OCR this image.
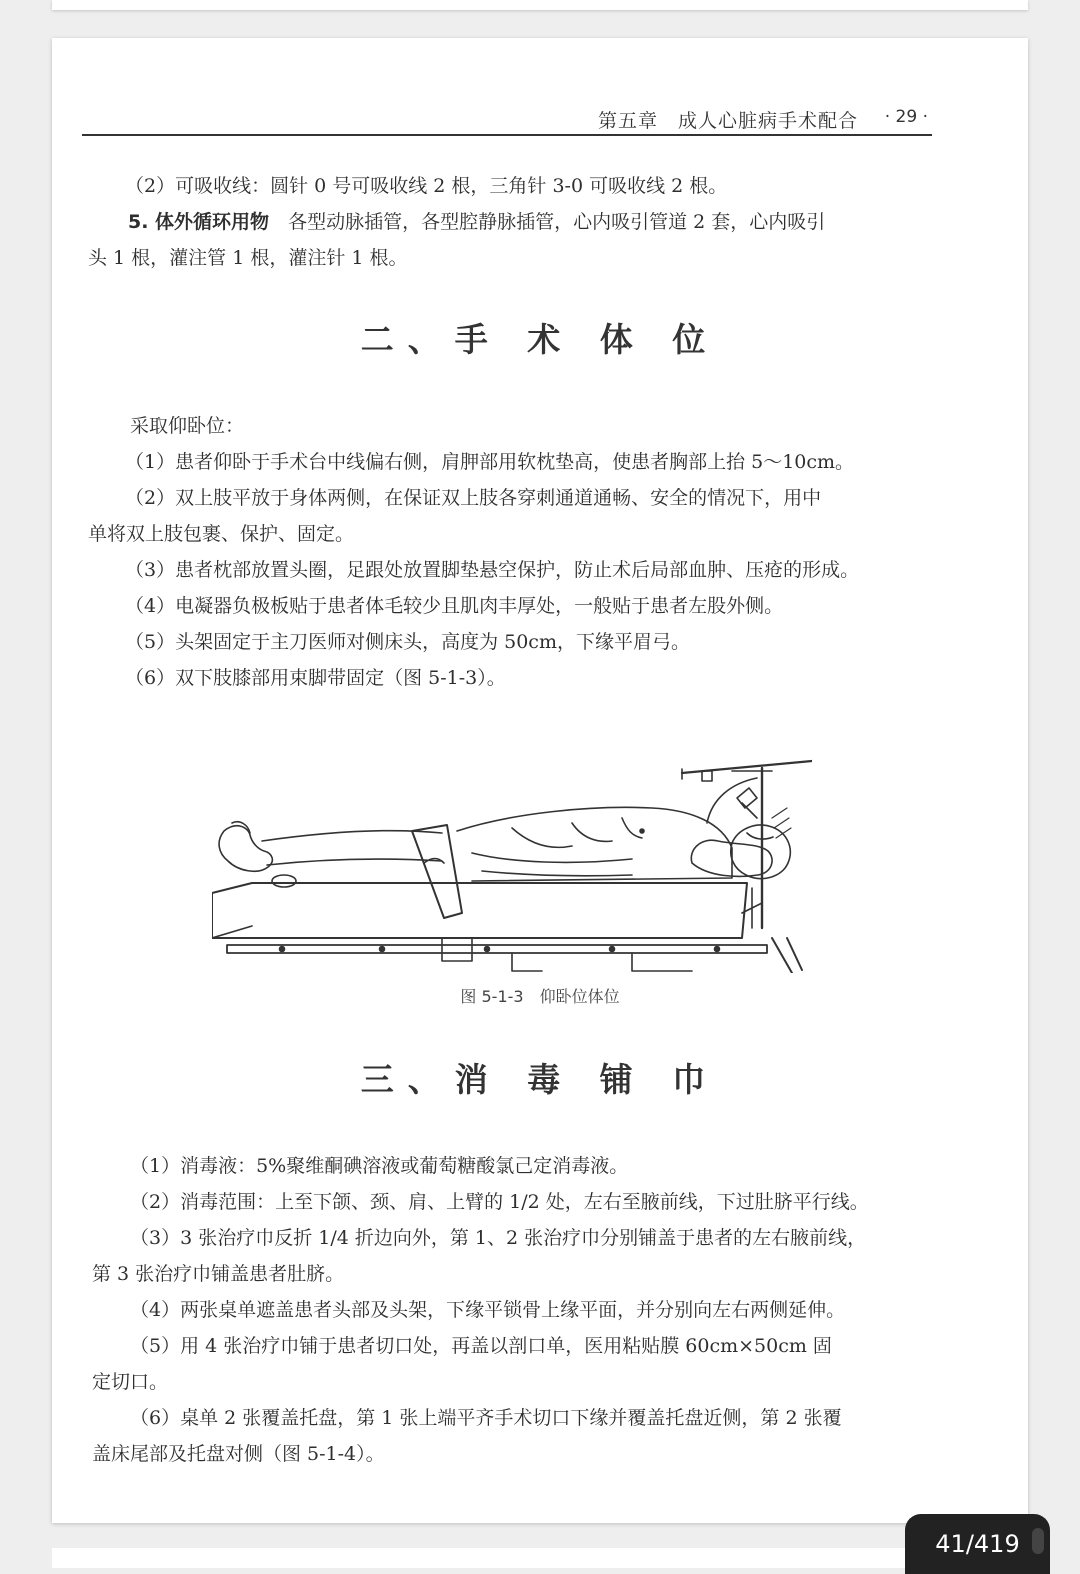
第五章　成人心脏病手术配合 · 29 ·
（2）可吸收线：圆针 0 号可吸收线 2 根，三角针 3-0 可吸收线 2 根。
5. 体外循环用物　各型动脉插管，各型腔静脉插管，心内吸引管道 2 套，心内吸引
头 1 根，灌注管 1 根，灌注针 1 根。
二、手 术 体 位
采取仰卧位：
（1）患者仰卧于手术台中线偏右侧，肩胛部用软枕垫高，使患者胸部上抬 5～10cm。
（2）双上肢平放于身体两侧，在保证双上肢各穿刺通道通畅、安全的情况下，用中
单将双上肢包裹、保护、固定。
（3）患者枕部放置头圈，足跟处放置脚垫悬空保护，防止术后局部血肿、压疮的形成。
（4）电凝器负极板贴于患者体毛较少且肌肉丰厚处，一般贴于患者左股外侧。
（5）头架固定于主刀医师对侧床头，高度为 50cm，下缘平眉弓。
（6）双下肢膝部用束脚带固定（图 5-1-3）。
图 5-1-3　仰卧位体位
三、消 毒 铺 巾
（1）消毒液：5%聚维酮碘溶液或葡萄糖酸氯己定消毒液。
（2）消毒范围：上至下颌、颈、肩、上臂的 1/2 处，左右至腋前线，下过肚脐平行线。
（3）3 张治疗巾反折 1/4 折边向外，第 1、2 张治疗巾分别铺盖于患者的左右腋前线，
第 3 张治疗巾铺盖患者肚脐。
（4）两张桌单遮盖患者头部及头架，下缘平锁骨上缘平面，并分别向左右两侧延伸。
（5）用 4 张治疗巾铺于患者切口处，再盖以剖口单，医用粘贴膜 60cm×50cm 固
定切口。
（6）桌单 2 张覆盖托盘，第 1 张上端平齐手术切口下缘并覆盖托盘近侧，第 2 张覆
盖床尾部及托盘对侧（图 5-1-4）。
41/419
